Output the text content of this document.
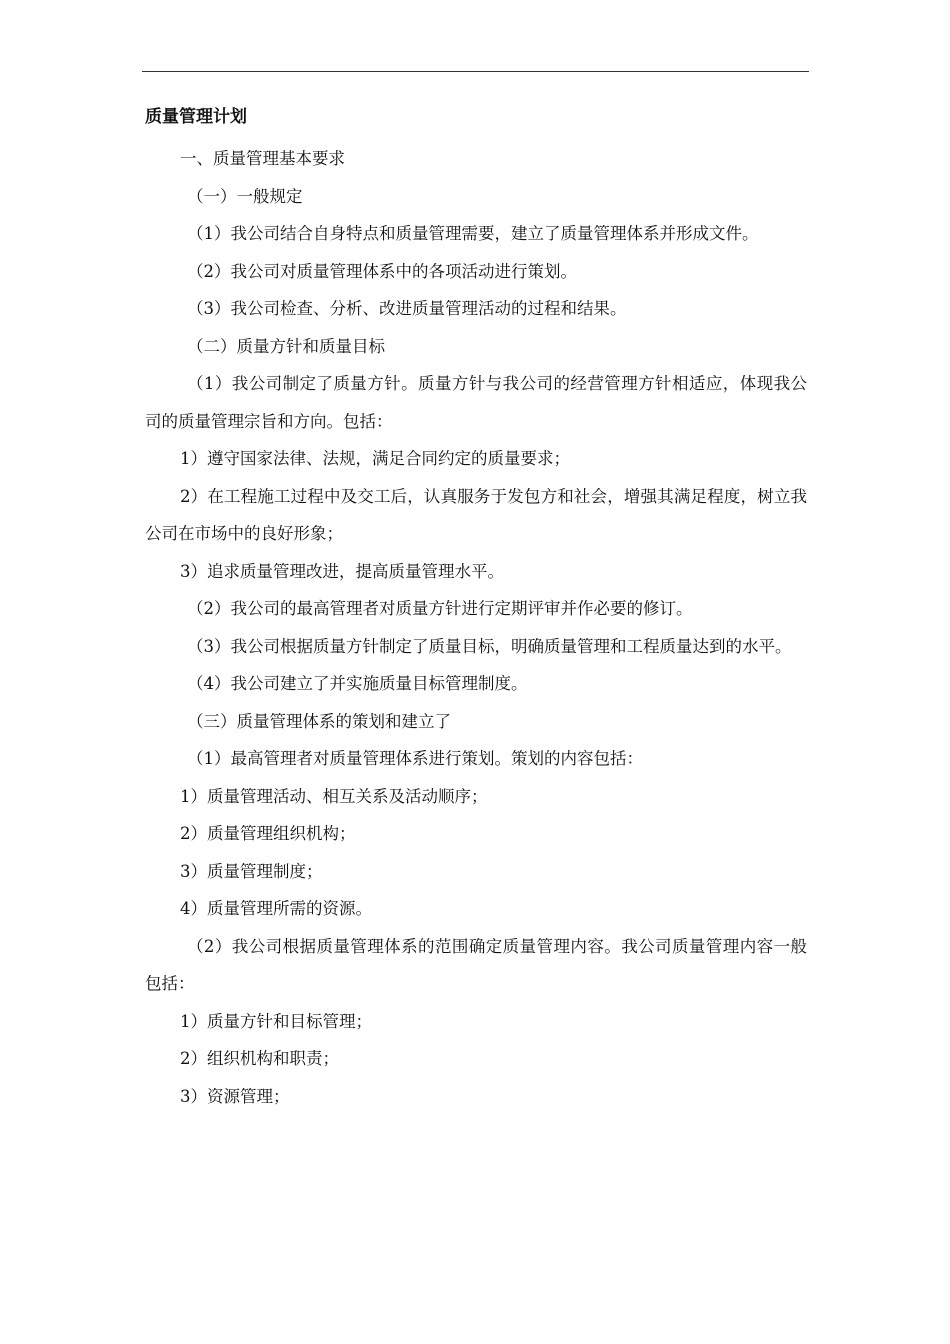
质量管理计划

一、质量管理基本要求

（一）一般规定

（1）我公司结合自身特点和质量管理需要，建立了质量管理体系并形成文件。

（2）我公司对质量管理体系中的各项活动进行策划。

（3）我公司检查、分析、改进质量管理活动的过程和结果。

（二）质量方针和质量目标

（1）我公司制定了质量方针。质量方针与我公司的经营管理方针相适应，体现我公司的质量管理宗旨和方向。包括：

1）遵守国家法律、法规，满足合同约定的质量要求；

2）在工程施工过程中及交工后，认真服务于发包方和社会，增强其满足程度，树立我公司在市场中的良好形象；

3）追求质量管理改进，提高质量管理水平。

（2）我公司的最高管理者对质量方针进行定期评审并作必要的修订。

（3）我公司根据质量方针制定了质量目标，明确质量管理和工程质量达到的水平。

（4）我公司建立了并实施质量目标管理制度。

（三）质量管理体系的策划和建立了

（1）最高管理者对质量管理体系进行策划。策划的内容包括：

1）质量管理活动、相互关系及活动顺序；

2）质量管理组织机构；

3）质量管理制度；

4）质量管理所需的资源。

（2）我公司根据质量管理体系的范围确定质量管理内容。我公司质量管理内容一般包括：

1）质量方针和目标管理；

2）组织机构和职责；

3）资源管理；
